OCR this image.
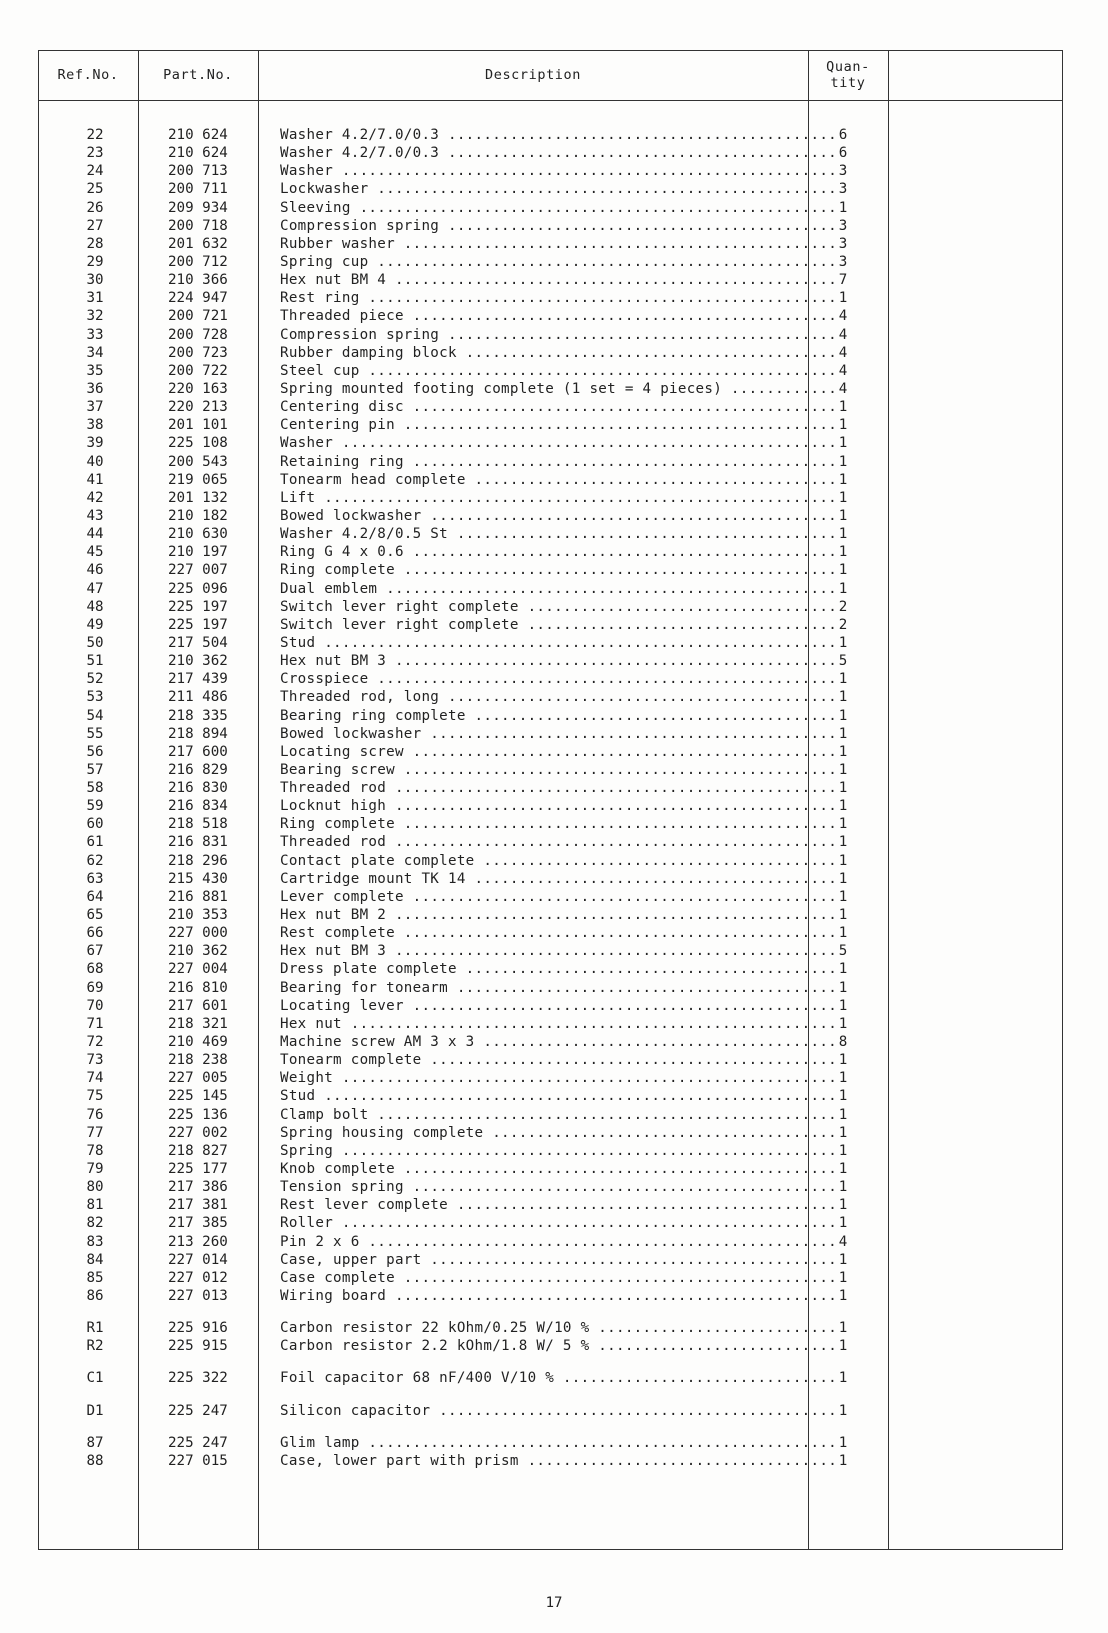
Ref.No.	Part.No.	Description	Quan-
tity
22	210 624	Washer 4.2/7.0/0.3 .....	6
23	210 624	Washer 4.2/7.0/0.3 .....	6
24	200 713	Washer .....	3
25	200 711	Lockwasher .....	3
26	209 934	Sleeving .....	1
27	200 718	Compression spring .....	3
28	201 632	Rubber washer .....	3
29	200 712	Spring cup .....	3
30	210 366	Hex nut BM 4 .....	7
31	224 947	Rest ring .....	1
32	200 721	Threaded piece .....	4
33	200 728	Compression spring .....	4
34	200 723	Rubber damping block .....	4
35	200 722	Steel cup .....	4
36	220 163	Spring mounted footing complete (1 set = 4 pieces) .....	4
37	220 213	Centering disc .....	1
38	201 101	Centering pin .....	1
39	225 108	Washer .....	1
40	200 543	Retaining ring .....	1
41	219 065	Tonearm head complete .....	1
42	201 132	Lift .....	1
43	210 182	Bowed lockwasher .....	1
44	210 630	Washer 4.2/8/0.5 St .....	1
45	210 197	Ring G 4 x 0.6 .....	1
46	227 007	Ring complete .....	1
47	225 096	Dual emblem .....	1
48	225 197	Switch lever right complete .....	2
49	225 197	Switch lever right complete .....	2
50	217 504	Stud .....	1
51	210 362	Hex nut BM 3 .....	5
52	217 439	Crosspiece .....	1
53	211 486	Threaded rod, long .....	1
54	218 335	Bearing ring complete .....	1
55	218 894	Bowed lockwasher .....	1
56	217 600	Locating screw .....	1
57	216 829	Bearing screw .....	1
58	216 830	Threaded rod .....	1
59	216 834	Locknut high .....	1
60	218 518	Ring complete .....	1
61	216 831	Threaded rod .....	1
62	218 296	Contact plate complete .....	1
63	215 430	Cartridge mount TK 14 .....	1
64	216 881	Lever complete .....	1
65	210 353	Hex nut BM 2 .....	1
66	227 000	Rest complete .....	1
67	210 362	Hex nut BM 3 .....	5
68	227 004	Dress plate complete .....	1
69	216 810	Bearing for tonearm .....	1
70	217 601	Locating lever .....	1
71	218 321	Hex nut .....	1
72	210 469	Machine screw AM 3 x 3 .....	8
73	218 238	Tonearm complete .....	1
74	227 005	Weight .....	1
75	225 145	Stud .....	1
76	225 136	Clamp bolt .....	1
77	227 002	Spring housing complete .....	1
78	218 827	Spring .....	1
79	225 177	Knob complete .....	1
80	217 386	Tension spring .....	1
81	217 381	Rest lever complete .....	1
82	217 385	Roller .....	1
83	213 260	Pin 2 x 6 .....	4
84	227 014	Case, upper part .....	1
85	227 012	Case complete .....	1
86	227 013	Wiring board .....	1
R1	225 916	Carbon resistor 22 kOhm/0.25 W/10 % .....	1
R2	225 915	Carbon resistor 2.2 kOhm/1.8 W/ 5 % .....	1
C1	225 322	Foil capacitor 68 nF/400 V/10 % .....	1
D1	225 247	Silicon capacitor .....	1
87	225 247	Glim lamp .....	1
88	227 015	Case, lower part with prism .....	1
17
